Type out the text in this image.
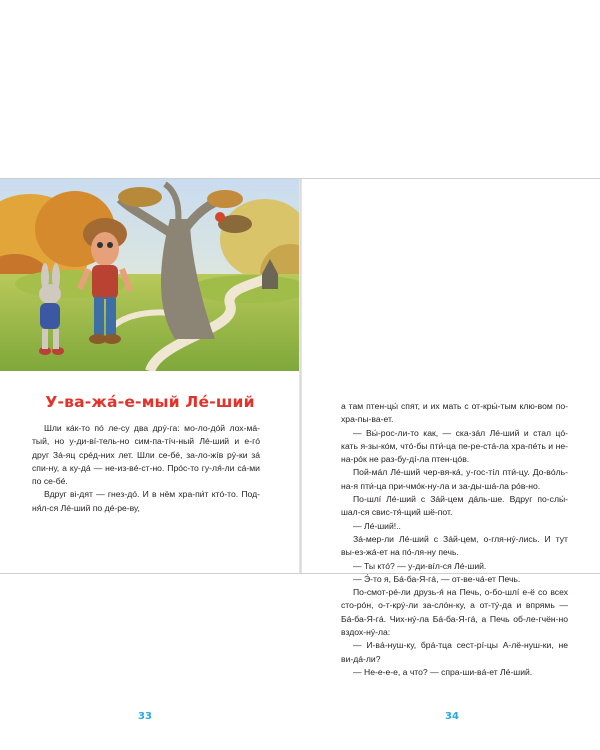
У-ва-жá-е-мый Лé-ший

Шли кáк-то пó ле-су два дрý-га: мо-ло-дóй лох-мá-тый, но у-ди-вí-тель-но сим-па-тíч-ный Лé-ший и е-гó друг Зá-яц срéд-них лет. Шли се-бé, за-ло-жíв рý-ки зá спи-ну, а ку-дá — не-из-вé-ст-но. Прóс-то гу-ля́-ли сá-ми по се-бé.

Вдруг ві-дят — гнез-дó. И в нём хра-пи́т ктó-то. Под-ня́л-ся Лé-ший по дé-ре-ву,

33

а там птен-цы́ спят, и их мать с от-кры́-тым клю-вом по-хра-пы-ва-ет.

— Вы́-рос-ли-то как, — ска-зáл Лé-ший и стал цó-кать я-зы-кóм, чтó-бы пти́-ца пе-ре-стá-ла хра-пéть и не-на-рóк не раз-бу-дí-ла птен-цóв.

Пой-мáл Лé-ший чер-вя-кá, у-гос-тíл пти́-цу. До-вóль-на-я пти́-ца при-чмóк-ну-ла и за-ды-шá-ла рóв-но.

По-шлí Лé-ший с Зáй-цем дáль-ше. Вдруг по-слы́-шал-ся свис-тя́-щий шё-пот.

— Лé-ший!..

Зá-мер-ли Лé-ший с Зáй-цем, о-гля-нý-лись. И тут вы-ез-жá-ет на пó-ля-ну печь.

— Ты ктó? — у-ди-вíл-ся Лé-ший.

— Э́-то я, Бá-ба-Я-гá, — от-ве-чá-ет Печь.

По-смот-рé-ли друзь-я́ на Печь, о-бо-шлí е-ё со всех сто-рóн, о-т-крý-ли за-слóн-ку, а от-тý-да и впрямь — Бá-ба-Я-гá. Чих-нý-ла Бá-ба-Я-гá, а Печь об-ле-гчён-но вздох-нý-ла:

— И-вá-нуш-ку, брá-тца сест-рí-цы А-лё-нуш-ки, не ви-дá-ли?

— Не-е-е-е, а что? — спра-ши-вá-ет Лé-ший.

34
